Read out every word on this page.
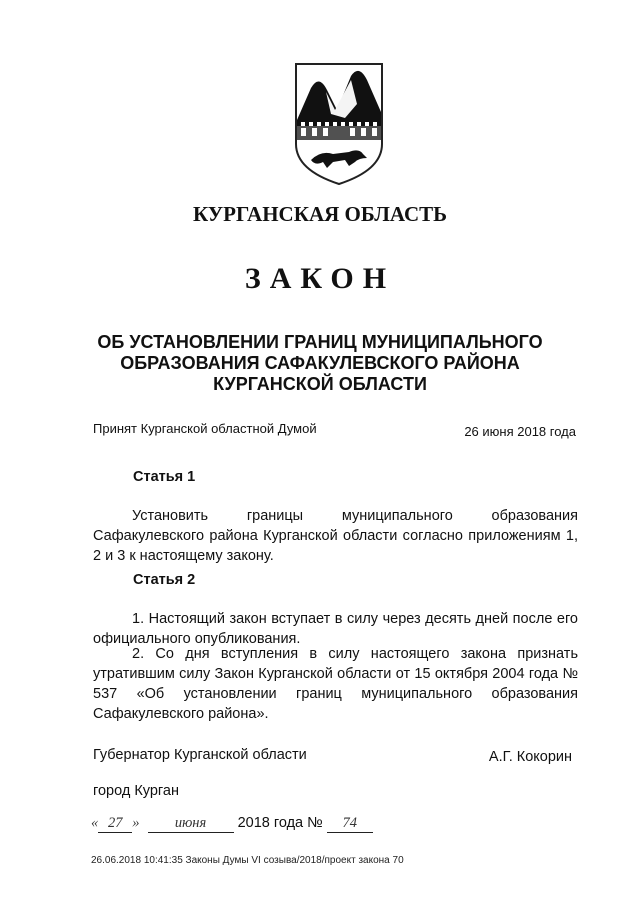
КУРГАНСКАЯ ОБЛАСТЬ
ЗАКОН
ОБ УСТАНОВЛЕНИИ ГРАНИЦ МУНИЦИПАЛЬНОГО
ОБРАЗОВАНИЯ САФАКУЛЕВСКОГО РАЙОНА
КУРГАНСКОЙ ОБЛАСТИ
Принят Курганской областной Думой	26 июня 2018 года
Статья 1
Установить границы муниципального образования Сафакулевского района Курганской области согласно приложениям 1, 2 и 3 к настоящему закону.
Статья 2
1. Настоящий закон вступает в силу через десять дней после его официального опубликования.
2. Со дня вступления в силу настоящего закона признать утратившим силу Закон Курганской области от 15 октября 2004 года № 537 «Об установлении границ муниципального образования Сафакулевского района».
Губернатор Курганской области	А.Г. Кокорин
город Курган
« 27 » июня 2018 года № 74
26.06.2018 10:41:35 Законы Думы VI созыва/2018/проект закона 70
